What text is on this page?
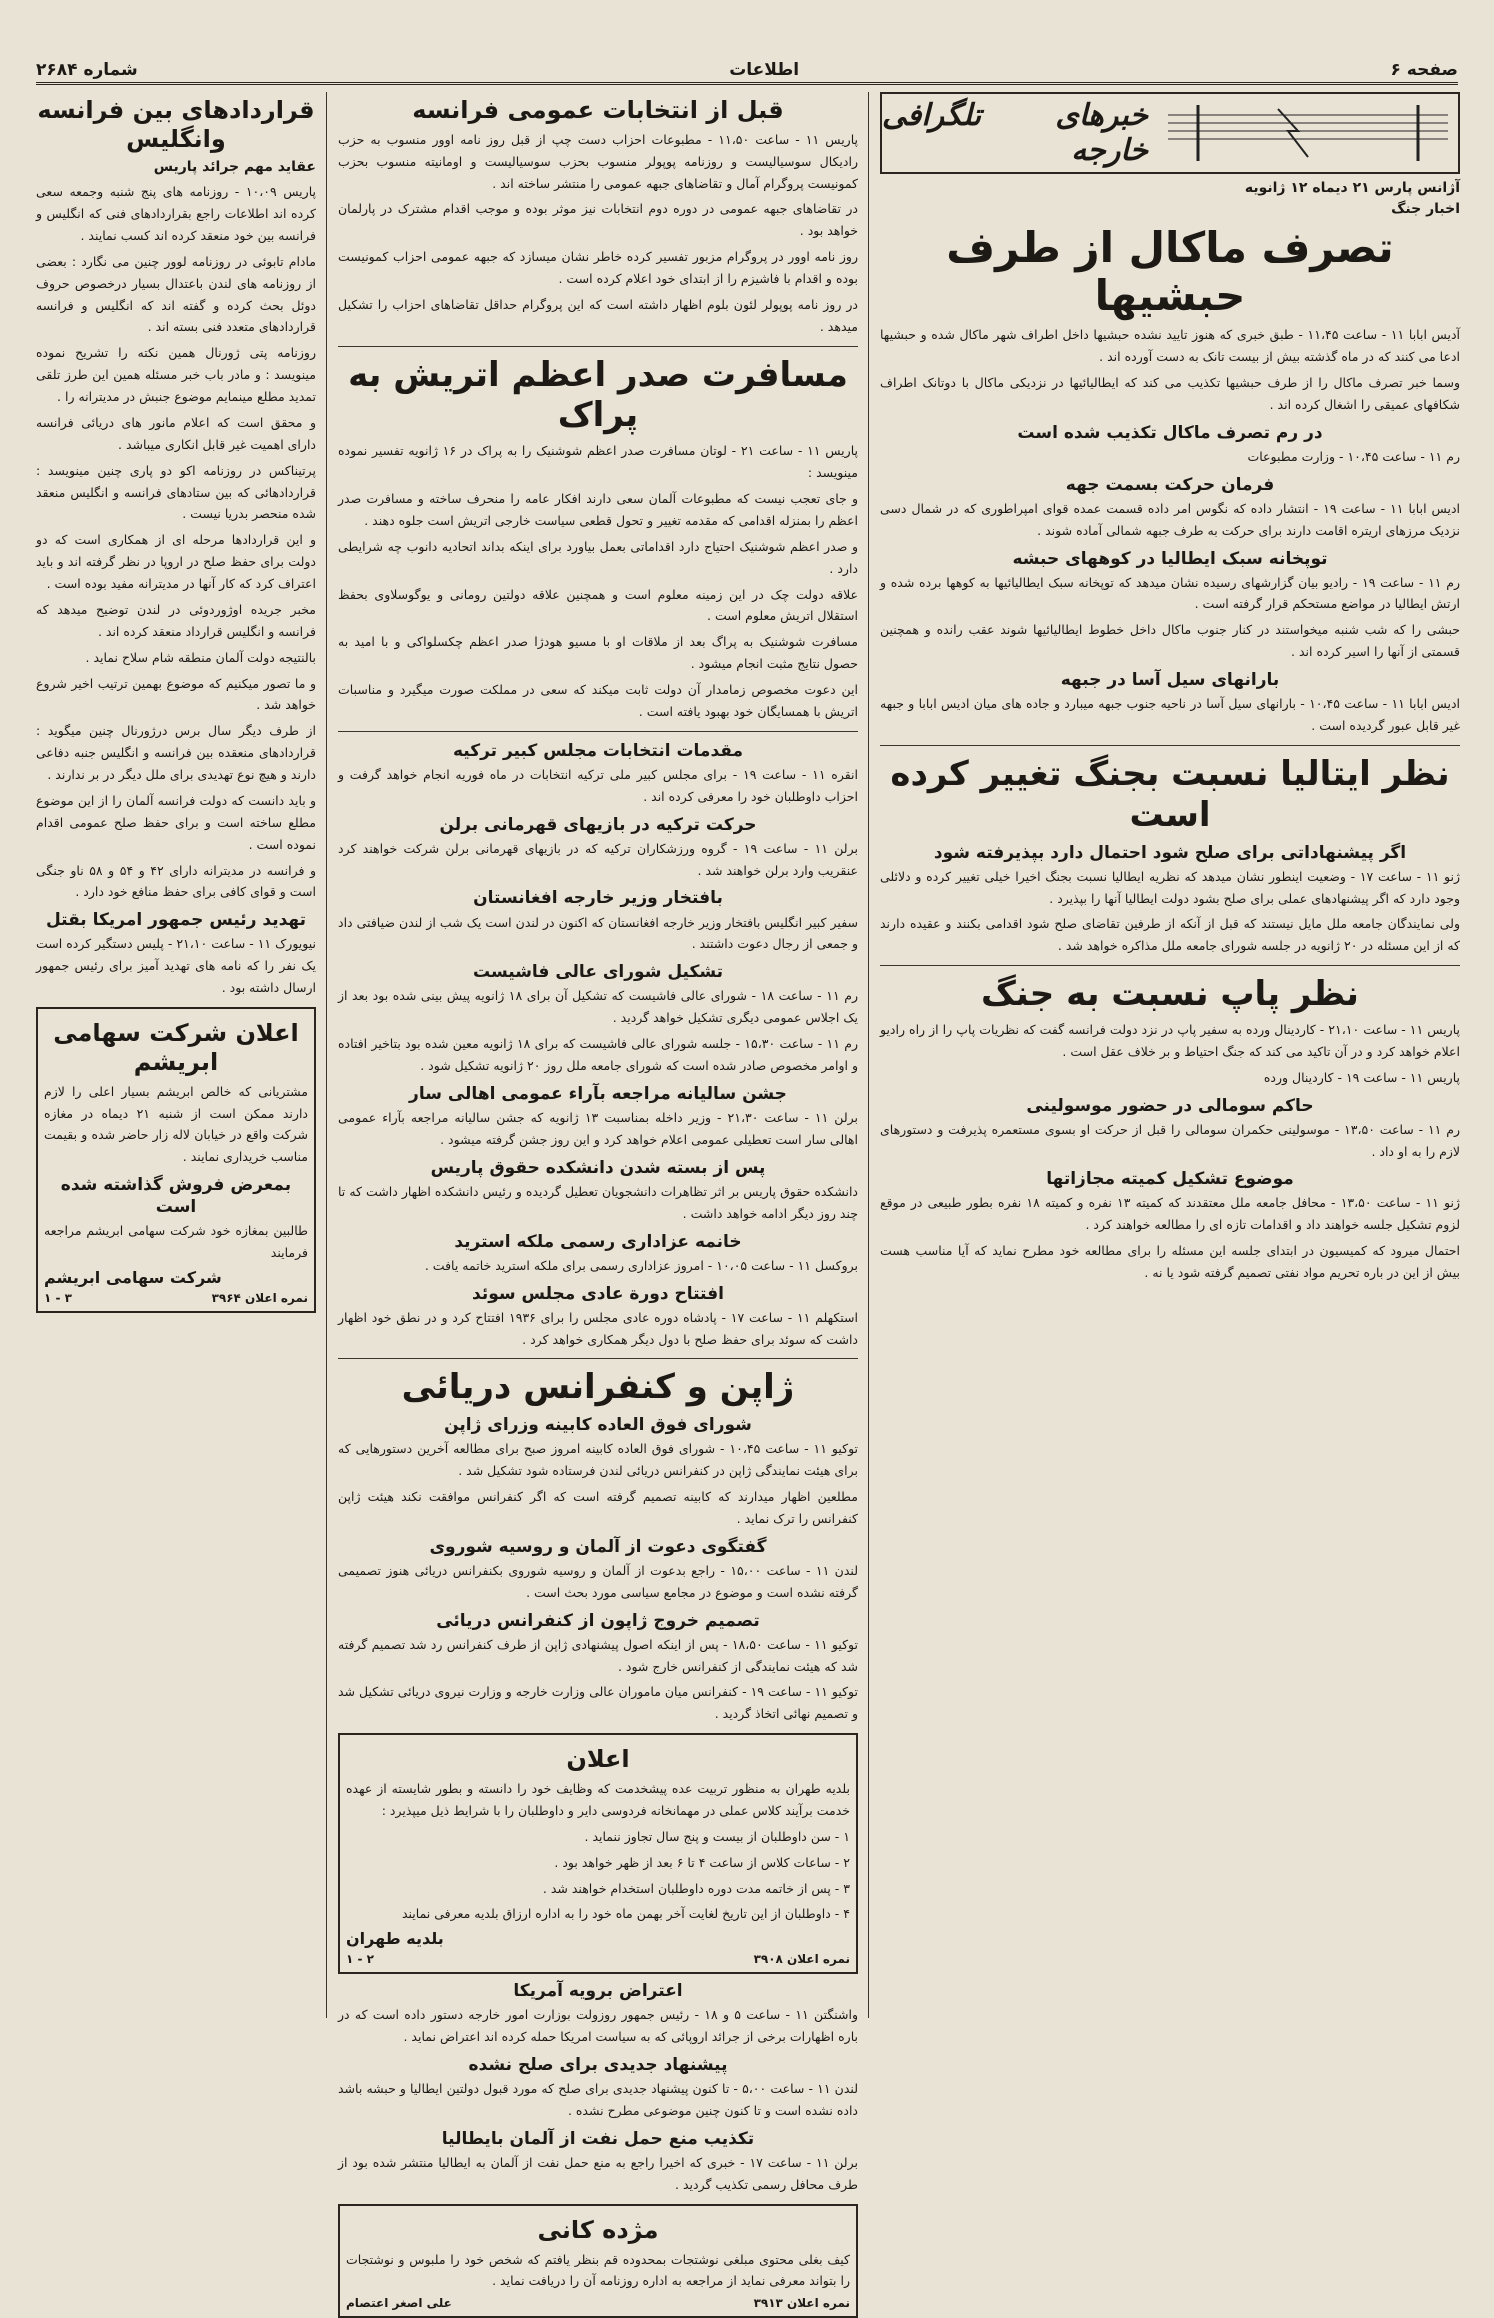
صفحه ۶
اطلاعات
شماره ۲۶۸۴
خبرهای تلگرافی خارجه
آژانس پارس ۲۱ دیماه ۱۲ ژانویه
اخبار جنگ
تصرف ماکال از طرف حبشیها

آدیس ابابا ۱۱ - ساعت ۱۱،۴۵ - طبق خبری که هنوز تایید نشده حبشیها داخل اطراف شهر ماکال شده و حبشیها ادعا می کنند که در ماه گذشته بیش از بیست تانک به دست آورده اند .

وسما خبر تصرف ماکال را از طرف حبشیها تکذیب می کند که ایطالیائیها در نزدیکی ماکال با دوتانک اطراف شکافهای عمیقی را اشغال کرده اند .

در رم تصرف ماکال تکذیب شده است

رم ۱۱ - ساعت ۱۰،۴۵ - وزارت مطبوعات

فرمان حرکت بسمت جهه

ادیس ابابا ۱۱ - ساعت ۱۹ - انتشار داده که نگوس امر داده قسمت عمده قوای امپراطوری که در شمال دسی نزدیک مرزهای اریتره اقامت دارند برای حرکت به طرف جبهه شمالی آماده شوند .

توپخانه سبک ایطالیا در کوههای حبشه

رم ۱۱ - ساعت ۱۹ - رادیو بیان گزارشهای رسیده نشان میدهد که توپخانه سبک ایطالیائیها به کوهها برده شده و ارتش ایطالیا در مواضع مستحکم قرار گرفته است .

حبشی را که شب شنبه میخواستند در کنار جنوب ماکال داخل خطوط ایطالیائیها شوند عقب رانده و همچنین قسمتی از آنها را اسیر کرده اند .

بارانهای سیل آسا در جبهه

ادیس ابابا ۱۱ - ساعت ۱۰،۴۵ - بارانهای سیل آسا در ناحیه جنوب جبهه میبارد و جاده های میان ادیس ابابا و جبهه غیر قابل عبور گردیده است .

نظر ایتالیا نسبت بجنگ تغییر کرده است
اگر پیشنهاداتی برای صلح شود احتمال دارد بپذیرفته شود

ژنو ۱۱ - ساعت ۱۷ - وضعیت اینطور نشان میدهد که نظریه ایطالیا نسبت بجنگ اخیرا خیلی تغییر کرده و دلائلی وجود دارد که اگر پیشنهادهای عملی برای صلح بشود دولت ایطالیا آنها را بپذیرد .

ولی نمایندگان جامعه ملل مایل نیستند که قبل از آنکه از طرفین تقاضای صلح شود اقدامی بکنند و عقیده دارند که از این مسئله در ۲۰ ژانویه در جلسه شورای جامعه ملل مذاکره خواهد شد .

نظر پاپ نسبت به جنگ

پاریس ۱۱ - ساعت ۲۱،۱۰ - کاردینال ورده به سفیر پاپ در نزد دولت فرانسه گفت که نظریات پاپ را از راه رادیو اعلام خواهد کرد و در آن تاکید می کند که جنگ احتیاط و بر خلاف عقل است .

پاریس ۱۱ - ساعت ۱۹ - کاردینال ورده

حاکم سومالی در حضور موسولینی

رم ۱۱ - ساعت ۱۳،۵۰ - موسولینی حکمران سومالی را قبل از حرکت او بسوی مستعمره پذیرفت و دستورهای لازم را به او داد .

موضوع تشکیل کمیته مجازاتها

ژنو ۱۱ - ساعت ۱۳،۵۰ - محافل جامعه ملل معتقدند که کمیته ۱۳ نفره و کمیته ۱۸ نفره بطور طبیعی در موقع لزوم تشکیل جلسه خواهند داد و اقدامات تازه ای را مطالعه خواهند کرد .

احتمال میرود که کمیسیون در ابتدای جلسه این مسئله را برای مطالعه خود مطرح نماید که آیا مناسب هست بیش از این در باره تحریم مواد نفتی تصمیم گرفته شود یا نه .

قبل از انتخابات عمومی فرانسه

پاریس ۱۱ - ساعت ۱۱،۵۰ - مطبوعات احزاب دست چپ از قبل روز نامه اوور منسوب به حزب رادیکال سوسیالیست و روزنامه پوپولر منسوب بحزب سوسیالیست و اومانیته منسوب بحزب کمونیست پروگرام آمال و تقاضاهای جبهه عمومی را منتشر ساخته اند .

در تقاضاهای جبهه عمومی در دوره دوم انتخابات نیز موثر بوده و موجب اقدام مشترک در پارلمان خواهد بود .

روز نامه اوور در پروگرام مزبور تفسیر کرده خاطر نشان میسازد که جبهه عمومی احزاب کمونیست بوده و اقدام با فاشیزم را از ابتدای خود اعلام کرده است .

در روز نامه پوپولر لئون بلوم اظهار داشته است که این پروگرام حداقل تقاضاهای احزاب را تشکیل میدهد .

مسافرت صدر اعظم اتریش به پراک

پاریس ۱۱ - ساعت ۲۱ - لوتان مسافرت صدر اعظم شوشنیک را به پراک در ۱۶ ژانویه تفسیر نموده مینویسد :

و جای تعجب نیست که مطبوعات آلمان سعی دارند افکار عامه را منحرف ساخته و مسافرت صدر اعظم را بمنزله اقدامی که مقدمه تغییر و تحول قطعی سیاست خارجی اتریش است جلوه دهند .

و صدر اعظم شوشنیک احتیاج دارد اقداماتی بعمل بیاورد برای اینکه بداند اتحادیه دانوب چه شرایطی دارد .

علاقه دولت چک در این زمینه معلوم است و همچنین علاقه دولتین رومانی و یوگوسلاوی بحفظ استقلال اتریش معلوم است .

مسافرت شوشنیک به پراگ بعد از ملاقات او با مسیو هودژا صدر اعظم چکسلواکی و با امید به حصول نتایج مثبت انجام میشود .

این دعوت مخصوص زمامدار آن دولت ثابت میکند که سعی در مملکت صورت میگیرد و مناسبات اتریش با همسایگان خود بهبود یافته است .

مقدمات انتخابات مجلس کبیر ترکیه

انقره ۱۱ - ساعت ۱۹ - برای مجلس کبیر ملی ترکیه انتخابات در ماه فوریه انجام خواهد گرفت و احزاب داوطلبان خود را معرفی کرده اند .

حرکت ترکیه در بازیهای قهرمانی برلن

برلن ۱۱ - ساعت ۱۹ - گروه ورزشکاران ترکیه که در بازیهای قهرمانی برلن شرکت خواهند کرد عنقریب وارد برلن خواهند شد .

بافتخار وزیر خارجه افغانستان

سفیر کبیر انگلیس بافتخار وزیر خارجه افغانستان که اکنون در لندن است یک شب از لندن ضیافتی داد و جمعی از رجال دعوت داشتند .

تشکیل شورای عالی فاشیست

رم ۱۱ - ساعت ۱۸ - شورای عالی فاشیست که تشکیل آن برای ۱۸ ژانویه پیش بینی شده بود بعد از یک اجلاس عمومی دیگری تشکیل خواهد گردید .

رم ۱۱ - ساعت ۱۵،۳۰ - جلسه شورای عالی فاشیست که برای ۱۸ ژانویه معین شده بود بتاخیر افتاده و اوامر مخصوص صادر شده است که شورای جامعه ملل روز ۲۰ ژانویه تشکیل شود .

جشن سالیانه مراجعه بآراء عمومی اهالی سار

برلن ۱۱ - ساعت ۲۱،۳۰ - وزیر داخله بمناسبت ۱۳ ژانویه که جشن سالیانه مراجعه بآراء عمومی اهالی سار است تعطیلی عمومی اعلام خواهد کرد و این روز جشن گرفته میشود .

پس از بسته شدن دانشکده حقوق پاریس

دانشکده حقوق پاریس بر اثر تظاهرات دانشجویان تعطیل گردیده و رئیس دانشکده اظهار داشت که تا چند روز دیگر ادامه خواهد داشت .

خانمه عزاداری رسمی ملکه استرید

بروکسل ۱۱ - ساعت ۱۰،۰۵ - امروز عزاداری رسمی برای ملکه استرید خاتمه یافت .

افتتاح دورة عادی مجلس سوئد

استکهلم ۱۱ - ساعت ۱۷ - پادشاه دوره عادی مجلس را برای ۱۹۳۶ افتتاح کرد و در نطق خود اظهار داشت که سوئد برای حفظ صلح با دول دیگر همکاری خواهد کرد .

ژاپن و کنفرانس دریائی
شورای فوق العاده کابینه وزرای ژاپن

توکیو ۱۱ - ساعت ۱۰،۴۵ - شورای فوق العاده کابینه امروز صبح برای مطالعه آخرین دستورهایی که برای هیئت نمایندگی ژاپن در کنفرانس دریائی لندن فرستاده شود تشکیل شد .

مطلعین اظهار میدارند که کابینه تصمیم گرفته است که اگر کنفرانس موافقت نکند هیئت ژاپن کنفرانس را ترک نماید .

گفتگوی دعوت از آلمان و روسیه شوروی

لندن ۱۱ - ساعت ۱۵،۰۰ - راجع بدعوت از آلمان و روسیه شوروی بکنفرانس دریائی هنوز تصمیمی گرفته نشده است و موضوع در مجامع سیاسی مورد بحث است .

تصمیم خروج ژاپون از کنفرانس دریائی

توکیو ۱۱ - ساعت ۱۸،۵۰ - پس از اینکه اصول پیشنهادی ژاپن از طرف کنفرانس رد شد تصمیم گرفته شد که هیئت نمایندگی از کنفرانس خارج شود .

توکیو ۱۱ - ساعت ۱۹ - کنفرانس میان ماموران عالی وزارت خارجه و وزارت نیروی دریائی تشکیل شد و تصمیم نهائی اتخاذ گردید .

اعلان

بلدیه طهران به منظور تربیت عده پیشخدمت که وظایف خود را دانسته و بطور شایسته از عهده خدمت برآیند کلاس عملی در مهمانخانه فردوسی دایر و داوطلبان را با شرایط ذیل میپذیرد :

۱ - سن داوطلبان از بیست و پنج سال تجاوز ننماید .

۲ - ساعات کلاس از ساعت ۴ تا ۶ بعد از ظهر خواهد بود .

۳ - پس از خاتمه مدت دوره داوطلبان استخدام خواهند شد .

۴ - داوطلبان از این تاریخ لغایت آخر بهمن ماه خود را به اداره ارزاق بلدیه معرفی نمایند

بلدیه طهران
نمره اعلان ۳۹۰۸
۲ - ۱
اعتراض برویه آمریکا

واشنگتن ۱۱ - ساعت ۵ و ۱۸ - رئیس جمهور روزولت بوزارت امور خارجه دستور داده است که در باره اظهارات برخی از جرائد اروپائی که به سیاست امریکا حمله کرده اند اعتراض نماید .

پیشنهاد جدیدی برای صلح نشده

لندن ۱۱ - ساعت ۵،۰۰ - تا کنون پیشنهاد جدیدی برای صلح که مورد قبول دولتین ایطالیا و حبشه باشد داده نشده است و تا کنون چنین موضوعی مطرح نشده .

تکذیب منع حمل نفت از آلمان بایطالیا

برلن ۱۱ - ساعت ۱۷ - خبری که اخیرا راجع به منع حمل نفت از آلمان به ایطالیا منتشر شده بود از طرف محافل رسمی تکذیب گردید .

مژده کانی

کیف بغلی محتوی مبلغی نوشتجات بمحدوده قم بنظر یافتم که شخص خود را ملبوس و نوشتجات را بتواند معرفی نماید از مراجعه به اداره روزنامه آن را دریافت نماید .

نمره اعلان ۳۹۱۳
علی اصغر اعتصام
قراردادهای بین فرانسه وانگلیس
عقاید مهم جرائد پاریس

پاریس ۱۰،۰۹ - روزنامه های پنج شنبه وجمعه سعی کرده اند اطلاعات راجع بقراردادهای فنی که انگلیس و فرانسه بین خود منعقد کرده اند کسب نمایند .

مادام تابوئی در روزنامه لوور چنین می نگارد : بعضی از روزنامه های لندن باعتدال بسیار درخصوص حروف دوئل بحث کرده و گفته اند که انگلیس و فرانسه قراردادهای متعدد فنی بسته اند .

روزنامه پتی ژورنال همین نکته را تشریح نموده مینویسد : و مادر باب خبر مسئله همین این طرز تلقی تمدید مطلع مینمایم موضوع جنبش در مدیترانه را .

و محقق است که اعلام مانور های دریائی فرانسه دارای اهمیت غیر قابل انکاری میباشد .

پرتیناکس در روزنامه اکو دو پاری چنین مینویسد : قراردادهائی که بین ستادهای فرانسه و انگلیس منعقد شده منحصر بدریا نیست .

و این قراردادها مرحله ای از همکاری است که دو دولت برای حفظ صلح در اروپا در نظر گرفته اند و باید اعتراف کرد که کار آنها در مدیترانه مفید بوده است .

مخبر جریده اوژوردوئی در لندن توضیح میدهد که فرانسه و انگلیس قرارداد منعقد کرده اند .

بالنتیجه دولت آلمان منطقه شام سلاح نماید .

و ما تصور میکنیم که موضوع بهمین ترتیب اخیر شروع خواهد شد .

از طرف دیگر سال برس درژورنال چنین میگوید : قراردادهای منعقده بین فرانسه و انگلیس جنبه دفاعی دارند و هیچ نوع تهدیدی برای ملل دیگر در بر ندارند .

و باید دانست که دولت فرانسه آلمان را از این موضوع مطلع ساخته است و برای حفظ صلح عمومی اقدام نموده است .

و فرانسه در مدیترانه دارای ۴۲ و ۵۴ و ۵۸ ناو جنگی است و قوای کافی برای حفظ منافع خود دارد .

تهدید رئیس جمهور امریکا بقتل

نیویورک ۱۱ - ساعت ۲۱،۱۰ - پلیس دستگیر کرده است یک نفر را که نامه های تهدید آمیز برای رئیس جمهور ارسال داشته بود .

اعلان شرکت سهامی ابریشم

مشتریانی که خالص ابریشم بسیار اعلی را لازم دارند ممکن است از شنبه ۲۱ دیماه در مغازه شرکت واقع در خیابان لاله زار حاضر شده و بقیمت مناسب خریداری نمایند .

بمعرض فروش گذاشته شده است

طالبین بمغازه خود شرکت سهامی ابریشم مراجعه فرمایند

شرکت سهامی ابریشم
نمره اعلان ۳۹۶۴
۳ - ۱
